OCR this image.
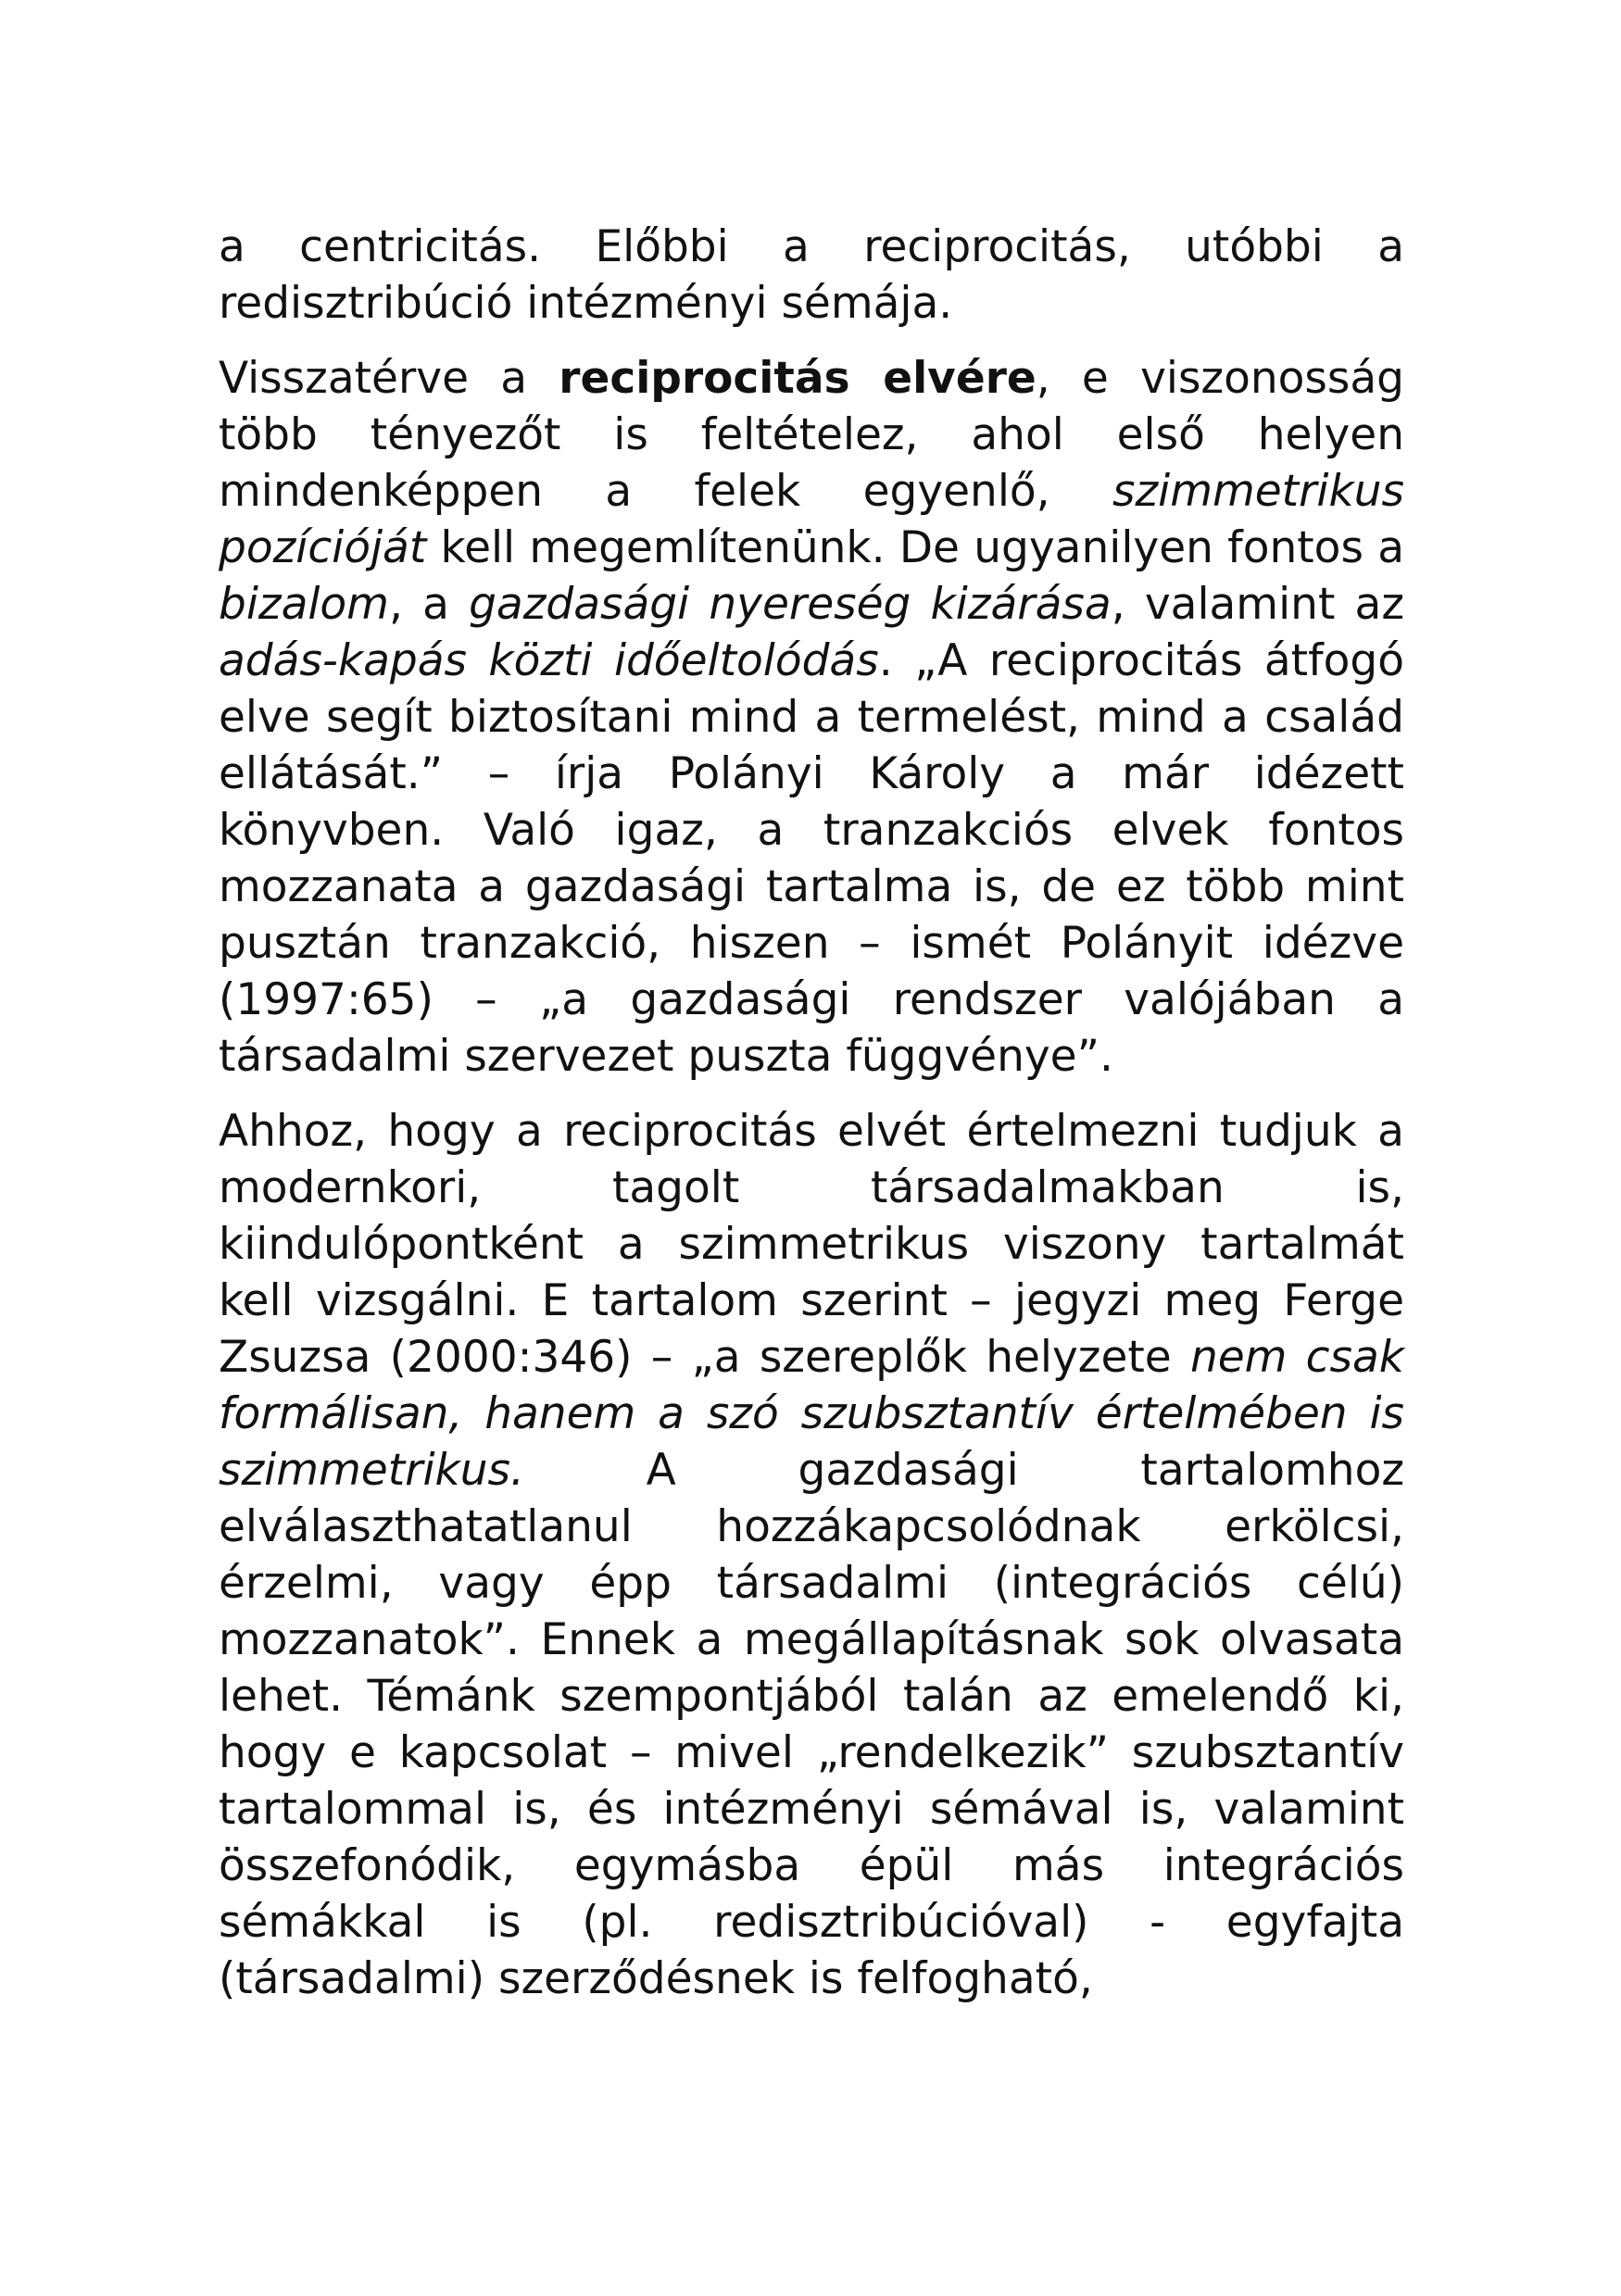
a centricitás. Előbbi a reciprocitás, utóbbi a redisztribúció intézményi sémája.

Visszatérve a reciprocitás elvére, e viszonosság több tényezőt is feltételez, ahol első helyen mindenképpen a felek egyenlő, szimmetrikus pozícióját kell megemlítenünk. De ugyanilyen fontos a bizalom, a gazdasági nyereség kizárása, valamint az adás-kapás közti időeltolódás. „A reciprocitás átfogó elve segít biztosítani mind a termelést, mind a család ellátását.” – írja Polányi Károly a már idézett könyvben. Való igaz, a tranzakciós elvek fontos mozzanata a gazdasági tartalma is, de ez több mint pusztán tranzakció, hiszen – ismét Polányit idézve (1997:65) – „a gazdasági rendszer valójában a társadalmi szervezet puszta függvénye”.

Ahhoz, hogy a reciprocitás elvét értelmezni tudjuk a modernkori, tagolt társadalmakban is, kiindulópontként a szimmetrikus viszony tartalmát kell vizsgálni. E tartalom szerint – jegyzi meg Ferge Zsuzsa (2000:346) – „a szereplők helyzete nem csak formálisan, hanem a szó szubsztantív értelmében is szimmetrikus. A gazdasági tartalomhoz elválaszthatatlanul hozzákapcsolódnak erkölcsi, érzelmi, vagy épp társadalmi (integrációs célú) mozzanatok”. Ennek a megállapításnak sok olvasata lehet. Témánk szempontjából talán az emelendő ki, hogy e kapcsolat – mivel „rendelkezik” szubsztantív tartalommal is, és intézményi sémával is, valamint összefonódik, egymásba épül más integrációs sémákkal is (pl. redisztribúcióval) - egyfajta (társadalmi) szerződésnek is felfogható,
